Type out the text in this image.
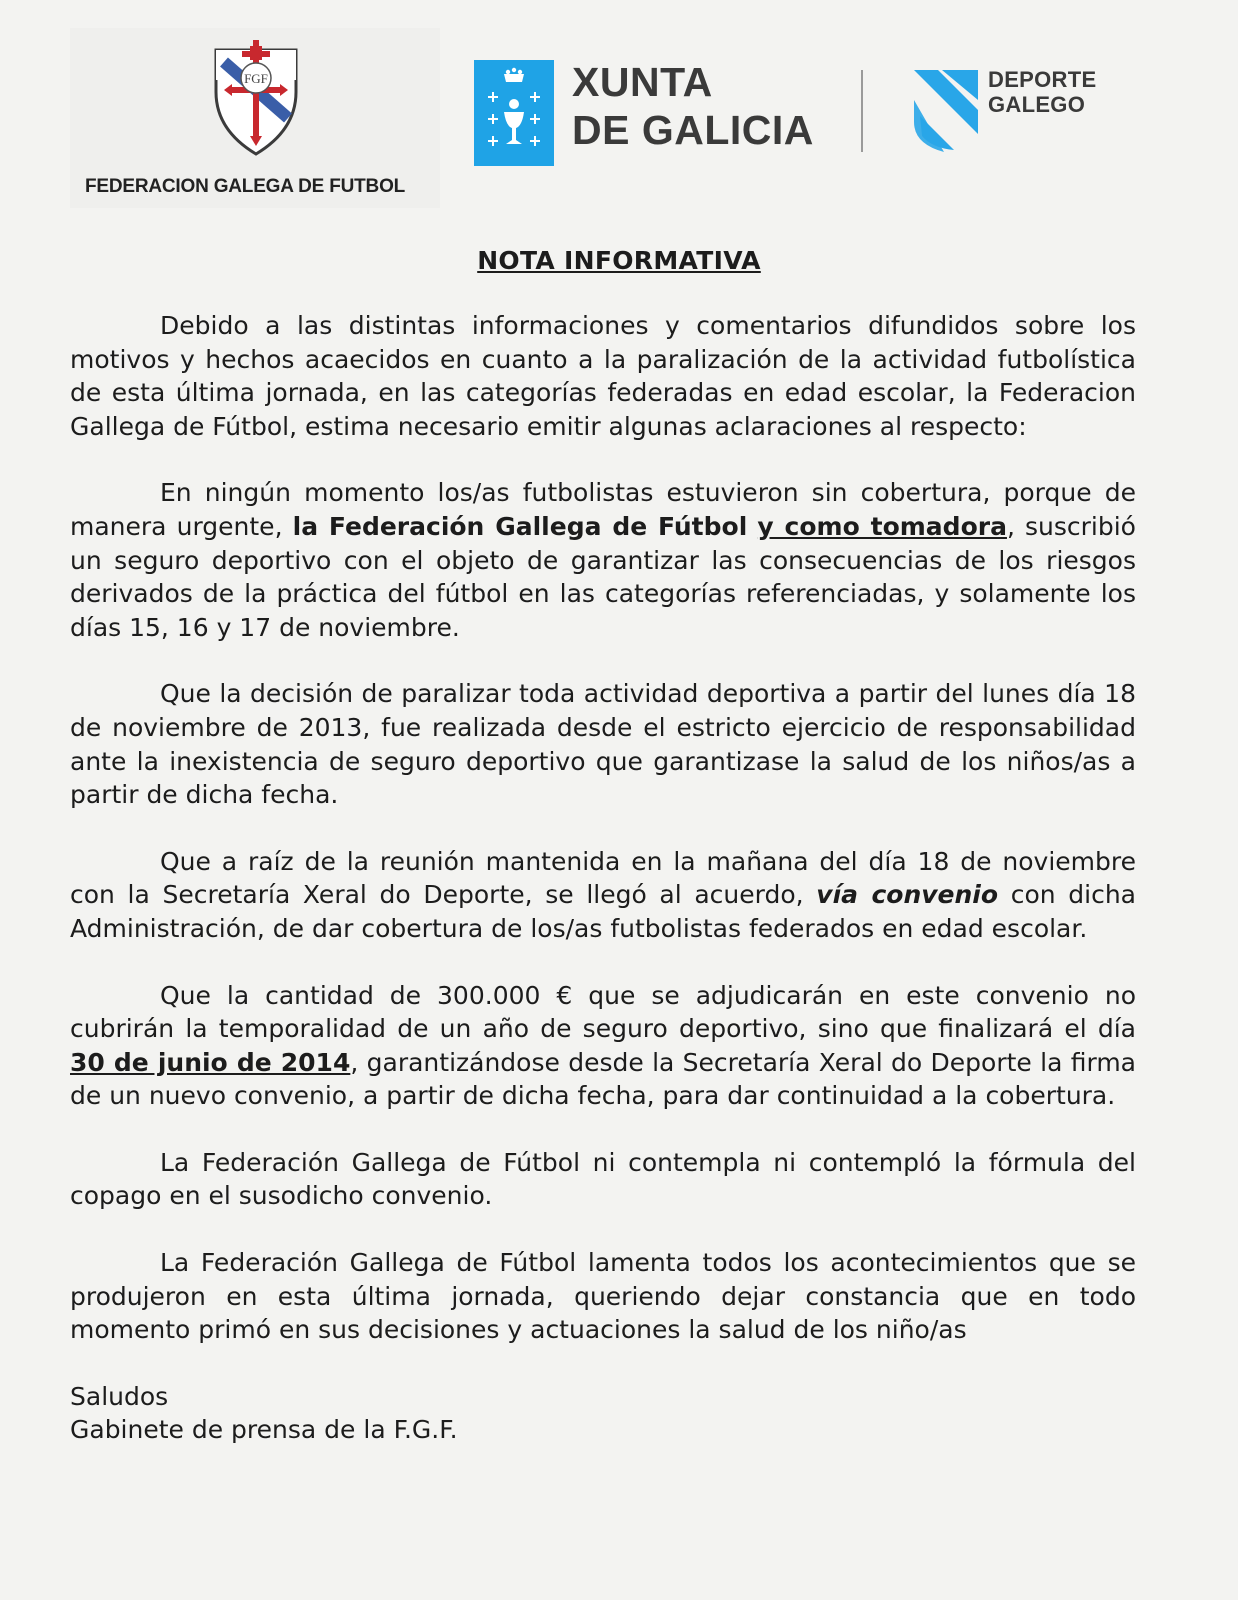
FGF
FEDERACION GALEGA DE FUTBOL
XUNTA
DE GALICIA
DEPORTE
GALEGO
NOTA INFORMATIVA

Debido a las distintas informaciones y comentarios difundidos sobre los motivos y hechos acaecidos en cuanto a la paralización de la actividad futbolística de esta última jornada, en las categorías federadas en edad escolar, la Federacion Gallega de Fútbol, estima necesario emitir algunas aclaraciones al respecto:

En ningún momento los/as futbolistas estuvieron sin cobertura, porque de manera urgente, la Federación Gallega de Fútbol y como tomadora, suscribió un seguro deportivo con el objeto de garantizar las consecuencias de los riesgos derivados de la práctica del fútbol en las categorías referenciadas, y solamente los días 15, 16 y 17 de noviembre.

Que la decisión de paralizar toda actividad deportiva a partir del lunes día 18 de noviembre de 2013, fue realizada desde el estricto ejercicio de responsabilidad ante la inexistencia de seguro deportivo que garantizase la salud de los niños/as a partir de dicha fecha.

Que a raíz de la reunión mantenida en la mañana del día 18 de noviembre con la Secretaría Xeral do Deporte, se llegó al acuerdo, vía convenio con dicha Administración, de dar cobertura de los/as futbolistas federados en edad escolar.

Que la cantidad de 300.000 € que se adjudicarán en este convenio no cubrirán la temporalidad de un año de seguro deportivo, sino que finalizará el día 30 de junio de 2014, garantizándose desde la Secretaría Xeral do Deporte la firma de un nuevo convenio, a partir de dicha fecha, para dar continuidad a la cobertura.

La Federación Gallega de Fútbol ni contempla ni contempló la fórmula del copago en el susodicho convenio.

La Federación Gallega de Fútbol lamenta todos los acontecimientos que se produjeron en esta última jornada, queriendo dejar constancia que en todo momento primó en sus decisiones y actuaciones la salud de los niño/as

Saludos
Gabinete de prensa de la F.G.F.
